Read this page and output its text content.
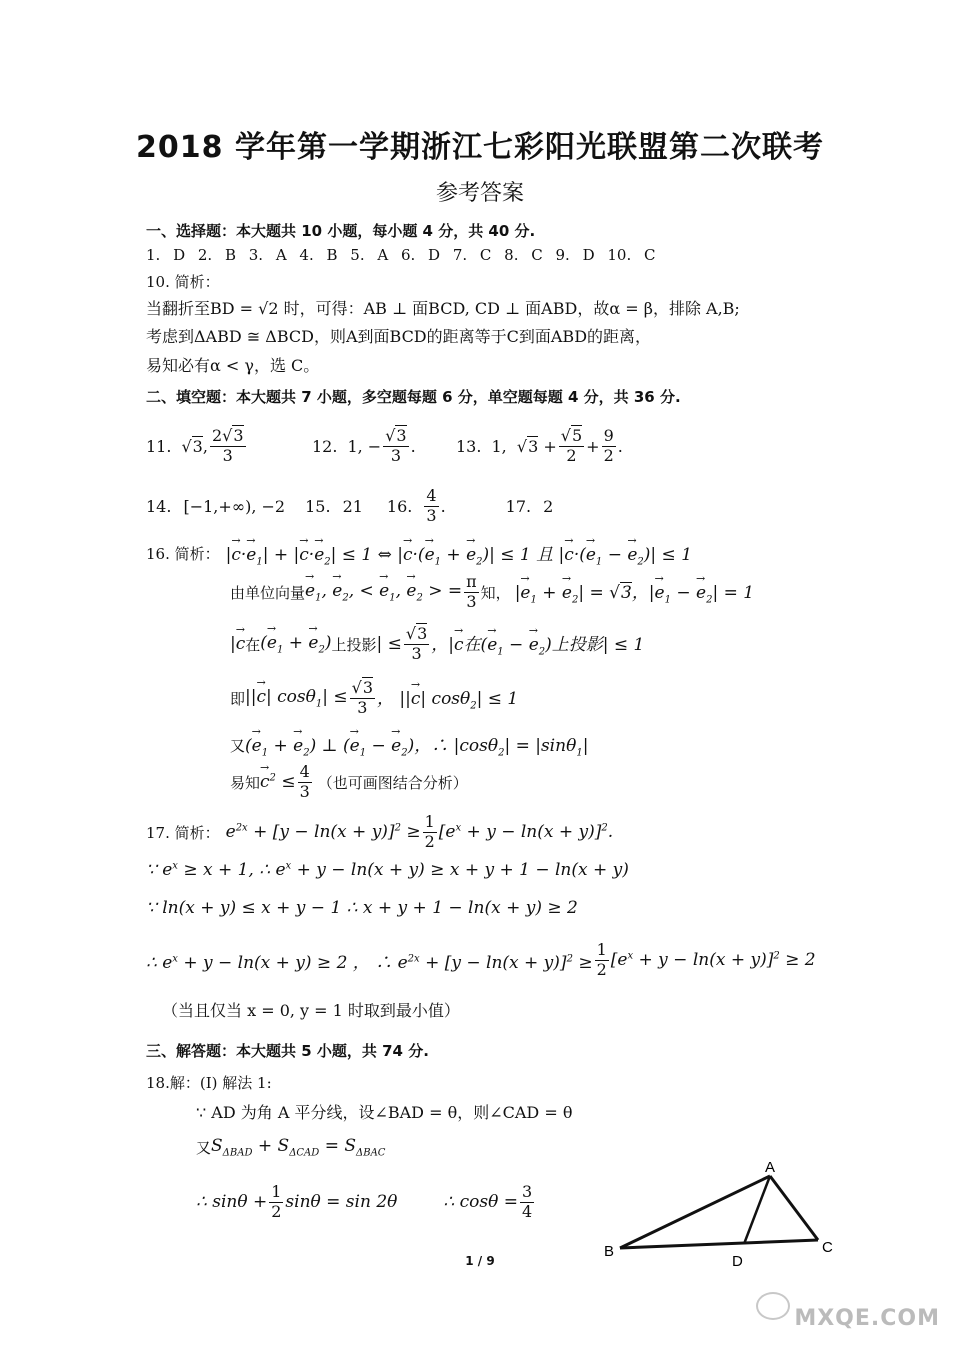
2018 学年第一学期浙江七彩阳光联盟第二次联考
参考答案
一、选择题：本大题共 10 小题，每小题 4 分，共 40 分.
1. D 2. B 3. A 4. B 5. A 6. D 7. C 8. C 9. D 10. C
10. 简析：
当翻折至BD = √2 时，可得：AB ⊥ 面BCD, CD ⊥ 面ABD，故α = β，排除 A,B;
考虑到ΔABD ≅ ΔBCD，则A到面BCD的距离等于C到面ABD的距离，
易知必有α < γ，选 C。
二、填空题：本大题共 7 小题，多空题每题 6 分，单空题每题 4 分，共 36 分.
11. √3, $\frac{2√3}{3}$	12. 1, − $\frac{√3}{3}$ .	13. 1,  $√3 + \frac{√5}{2} + \frac{9}{2}$ .
14. [−1,+∞), −2 15. 21 16. $\frac{4}{3}$ .	17. 2
16. 简析： |→ $c\cdot\to e_1|$ + |→ $c\cdot\to e_2| \le 1$ ⇔ |→ $c\cdot(\to e_1$ + → $e_2)| \le 1$ 且 |→ $c\cdot(\to e_1$ − → $e_2)| \le 1$
由单位向量 → $e_1$, → $e_2$, < → $e_1$, → $e_2$ > = $\frac{\pi}{3}$ 知， |→ $e_1$ + → $e_2| = √3$，|→ $e_1$ − → $e_2| = 1$
|→ c 在 (→ $e_1$ + → $e_2$) 上投影 | ≤ $\frac{√3}{3}$ ，|→ c在(→ $e_1$ − → $e_2$)上投影| ≤ 1
即 ||→ c| $\cos\theta_1| \le \frac{√3}{3}$ ， ||→ c| cosθ$_2$| ≤ 1
又 (→ $e_1$ + → $e_2$) ⊥ (→ $e_1$ − → $e_2$)，∴ |cosθ$_2$| = |sinθ$_1$|
易知 → $c^2 \le \frac{4}{3}$ （也可画图结合分析）
17. 简析： $e^{2x} + [y - \ln(x + y)]^2 \ge \frac{1}{2} [e^x + y - \ln(x + y)]^2$.
∵ $e^x \ge x + 1$, ∴ $e^x + y - \ln(x + y) \ge x + y + 1 - \ln(x + y)$
∵ ln(x + y) ≤ x + y − 1 ∴ x + y + 1 − ln(x + y) ≥ 2
∴ $e^x + y - \ln(x + y) \ge 2$ ， ∴ $e^{2x} + [y - \ln(x + y)]^2 \ge \frac{1}{2} [e^x + y - \ln(x + y)]^2 \ge 2$
（当且仅当 x = 0, y = 1 时取到最小值）
三、解答题：本大题共 5 小题，共 74 分.
18.解：(I) 解法 1:
∵ AD 为角 A 平分线，设∠BAD = θ，则∠CAD = θ
又 $S_{\Delta BAD} + S_{\Delta CAD} = S_{\Delta BAC}$
∴ $\sin\theta + \frac{1}{2}$ sinθ = sin 2θ	∴ $\cos\theta = \frac{3}{4}$
A
B	C
D
1 / 9
MXQE.COM
